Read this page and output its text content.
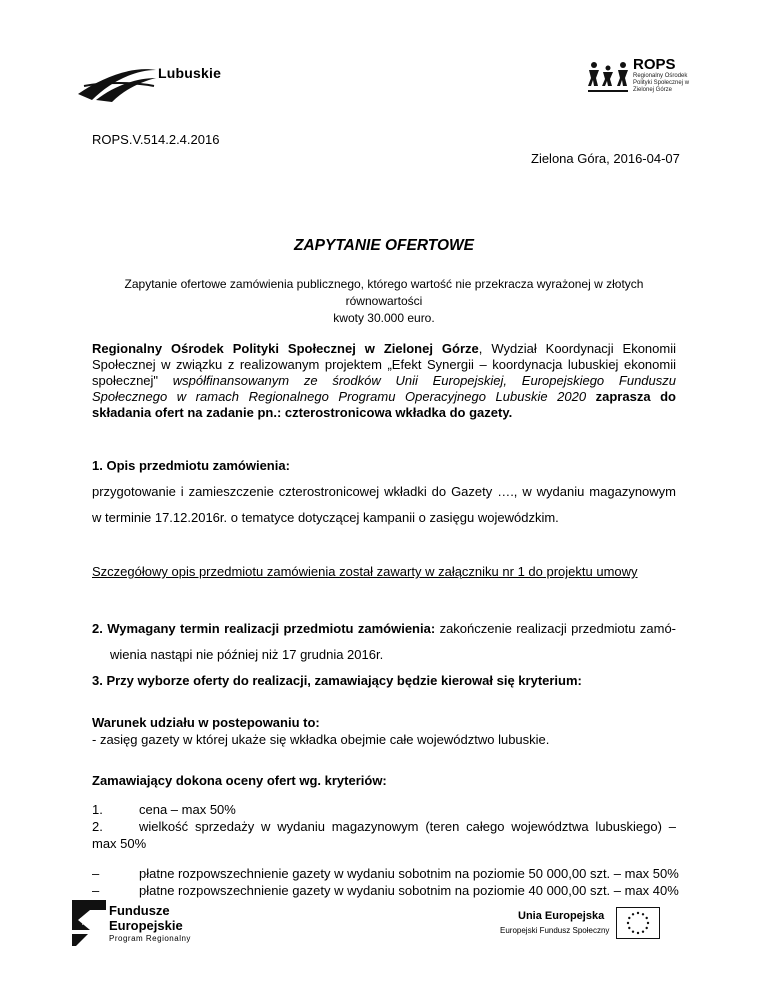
Lubuskie	ROPS
Regionalny Ośrodek Polityki Społecznej w Zielonej Górze
ROPS.V.514.2.4.2016
Zielona Góra, 2016-04-07
ZAPYTANIE OFERTOWE
Zapytanie ofertowe zamówienia publicznego, którego wartość nie przekracza wyrażonej w złotych równowartości
kwoty 30.000 euro.
Regionalny Ośrodek Polityki Społecznej w Zielonej Górze, Wydział Koordynacji Ekonomii Społecznej w związku z realizowanym projektem „Efekt Synergii – koordynacja lubuskiej ekonomii społecznej" współfinansowanym ze środków Unii Europejskiej, Europejskiego Funduszu Społecznego w ramach Regionalnego Programu Operacyjnego Lubuskie 2020 zaprasza do składania ofert na zadanie pn.: czterostronicowa wkładka do gazety.
1. Opis przedmiotu zamówienia:
przygotowanie i zamieszczenie czterostronicowej wkładki do Gazety …., w wydaniu magazynowym
w terminie 17.12.2016r. o tematyce dotyczącej kampanii o zasięgu wojewódzkim.
Szczegółowy opis przedmiotu zamówienia został zawarty w załączniku nr 1 do projektu umowy
2. Wymagany termin realizacji przedmiotu zamówienia: zakończenie realizacji przedmiotu zamó-
wienia nastąpi nie później niż 17 grudnia 2016r.
3. Przy wyborze oferty do realizacji, zamawiający będzie kierował się kryterium:
Warunek udziału w postepowaniu to:
- zasięg gazety w której ukaże się wkładka obejmie całe województwo lubuskie.
Zamawiający dokona oceny ofert wg. kryteriów:
1.	cena – max 50%
2.	wielkość sprzedaży w wydaniu magazynowym (teren całego województwa lubuskiego) –
max 50%
–	płatne rozpowszechnienie gazety w wydaniu sobotnim na poziomie 50 000,00 szt. – max 50%
–	płatne rozpowszechnienie gazety w wydaniu sobotnim na poziomie 40 000,00 szt. – max 40%
Fundusze
Europejskie
Program Regionalny
Unia Europejska
Europejski Fundusz Społeczny
